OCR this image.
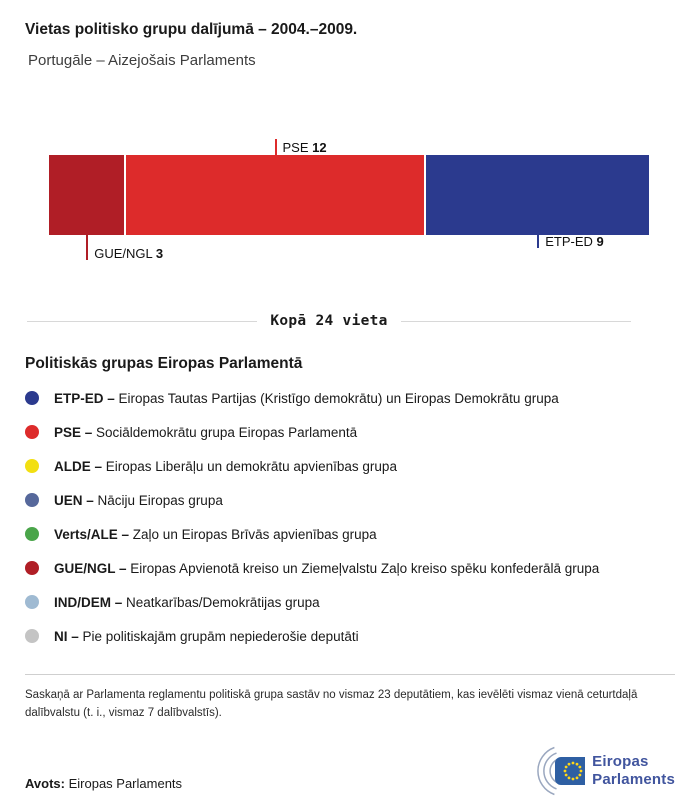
Vietas politisko grupu dalījumā – 2004.–2009.
Portugāle – Aizejošais Parlaments
GUE/NGL 3
PSE 12
ETP-ED 9
Kopā 24 vieta
Politiskās grupas Eiropas Parlamentā
ETP-ED – Eiropas Tautas Partijas (Kristīgo demokrātu) un Eiropas Demokrātu grupa
PSE – Sociāldemokrātu grupa Eiropas Parlamentā
ALDE – Eiropas Liberāļu un demokrātu apvienības grupa
UEN – Nāciju Eiropas grupa
Verts/ALE – Zaļo un Eiropas Brīvās apvienības grupa
GUE/NGL – Eiropas Apvienotā kreiso un Ziemeļvalstu Zaļo kreiso spēku konfederālā grupa
IND/DEM – Neatkarības/Demokrātijas grupa
NI – Pie politiskajām grupām nepiederošie deputāti

Saskaņā ar Parlamenta reglamentu politiskā grupa sastāv no vismaz 23 deputātiem, kas ievēlēti vismaz vienā ceturtdaļā dalībvalstu (t. i., vismaz 7 dalībvalstīs).

Avots: Eiropas Parlaments

Eiropas
Parlaments
